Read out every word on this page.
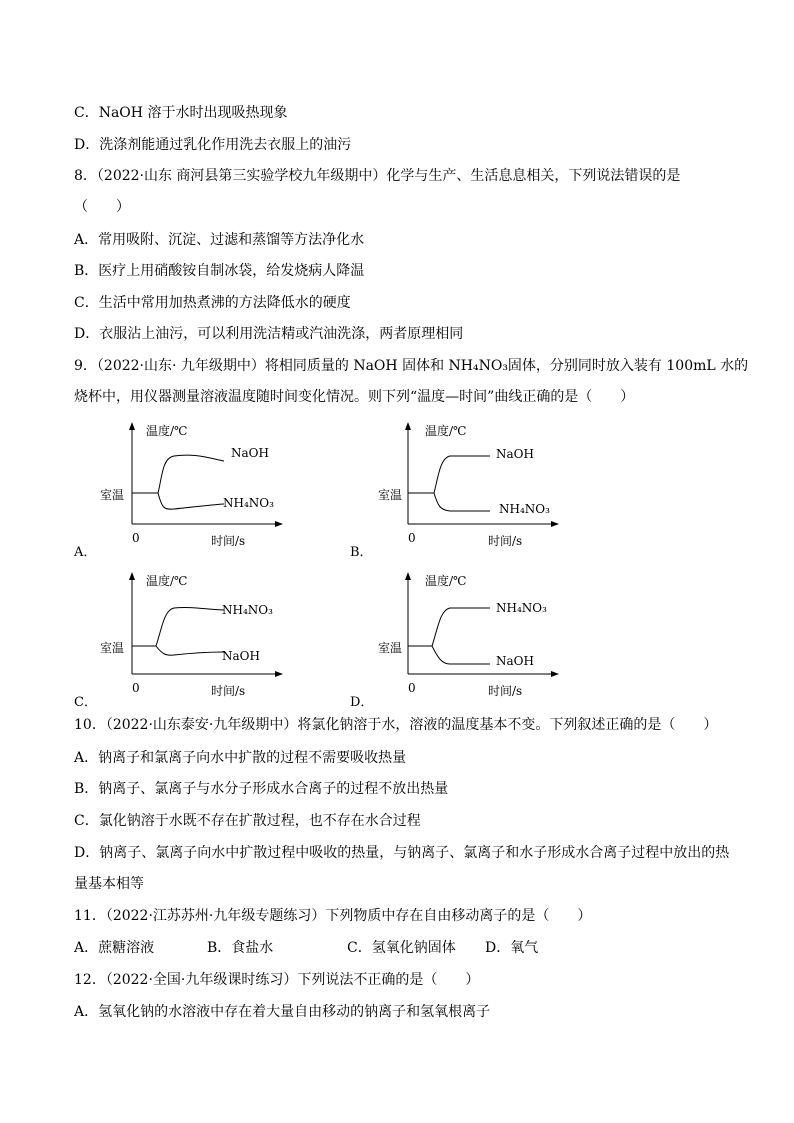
C．NaOH 溶于水时出现吸热现象
D．洗涤剂能通过乳化作用洗去衣服上的油污
8．（2022·山东 商河县第三实验学校九年级期中）化学与生产、生活息息相关，下列说法错误的是
（　　）
A．常用吸附、沉淀、过滤和蒸馏等方法净化水
B．医疗上用硝酸铵自制冰袋，给发烧病人降温
C．生活中常用加热煮沸的方法降低水的硬度
D．衣服沾上油污，可以利用洗洁精或汽油洗涤，两者原理相同
9．（2022·山东· 九年级期中）将相同质量的 NaOH 固体和 NH₄NO₃固体，分别同时放入装有 100mL 水的
烧杯中，用仪器测量溶液温度随时间变化情况。则下列“温度—时间”曲线正确的是（　　）
温度/℃
室温
NaOH
NH₄NO₃
0	时间/s
A．
温度/℃
室温
NaOH
NH₄NO₃
0	时间/s
B．
温度/℃
室温
NH₄NO₃
NaOH
0	时间/s
C．
温度/℃
室温
NH₄NO₃
NaOH
0	时间/s
D．
10．（2022·山东泰安·九年级期中）将氯化钠溶于水，溶液的温度基本不变。下列叙述正确的是（　　）
A．钠离子和氯离子向水中扩散的过程不需要吸收热量
B．钠离子、氯离子与水分子形成水合离子的过程不放出热量
C．氯化钠溶于水既不存在扩散过程，也不存在水合过程
D．钠离子、氯离子向水中扩散过程中吸收的热量，与钠离子、氯离子和水子形成水合离子过程中放出的热
量基本相等
11．（2022·江苏苏州·九年级专题练习）下列物质中存在自由移动离子的是（　　）
A．蔗糖溶液	B．食盐水	C．氢氧化钠固体 D．氧气
12．（2022·全国·九年级课时练习）下列说法不正确的是（　　）
A．氢氧化钠的水溶液中存在着大量自由移动的钠离子和氢氧根离子
